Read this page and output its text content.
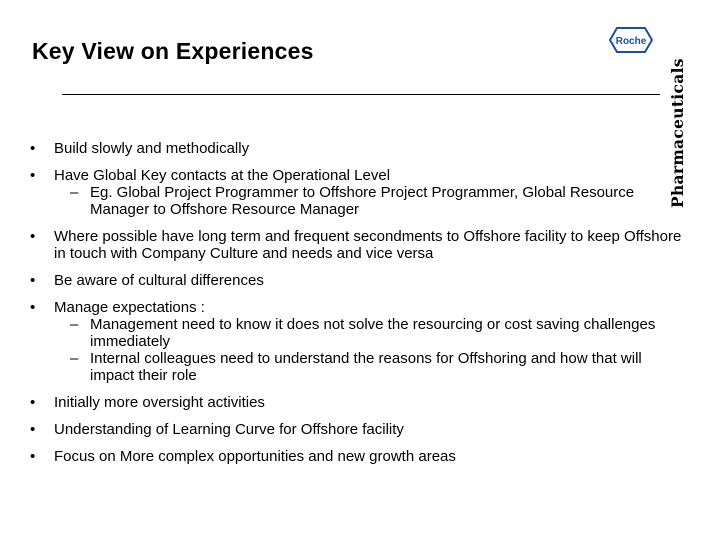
Key View on Experiences	Roche
Pharmaceuticals
• Build slowly and methodically
• Have Global Key contacts at the Operational Level
– Eg. Global Project Programmer to Offshore Project Programmer, Global Resource Manager to Offshore Resource Manager
• Where possible have long term and frequent secondments to Offshore facility to keep Offshore in touch with Company Culture and needs and vice versa
• Be aware of cultural differences
• Manage expectations :
– Management need to know it does not solve the resourcing or cost saving challenges immediately
– Internal colleagues need to understand the reasons for Offshoring and how that will impact their role
• Initially more oversight activities
• Understanding of Learning Curve for Offshore facility
• Focus on More complex opportunities and new growth areas
